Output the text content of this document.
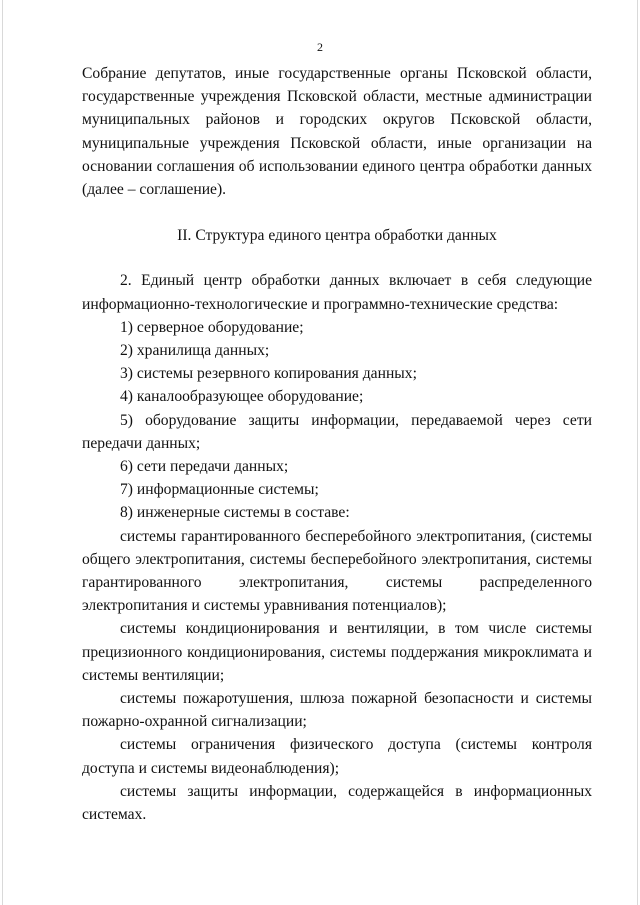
2

Собрание депутатов, иные государственные органы Псковской области, государственные учреждения Псковской области, местные администрации муниципальных районов и городских округов Псковской области, муниципальные учреждения Псковской области, иные организации на основании соглашения об использовании единого центра обработки данных (далее – соглашение).

II. Структура единого центра обработки данных

2. Единый центр обработки данных включает в себя следующие информационно-технологические и программно-технические средства:

1) серверное оборудование;

2) хранилища данных;

3) системы резервного копирования данных;

4) каналообразующее оборудование;

5) оборудование защиты информации, передаваемой через сети передачи данных;

6) сети передачи данных;

7) информационные системы;

8) инженерные системы в составе:

системы гарантированного бесперебойного электропитания, (системы общего электропитания, системы бесперебойного электропитания, системы гарантированного электропитания, системы распределенного электропитания и системы уравнивания потенциалов);

системы кондиционирования и вентиляции, в том числе системы прецизионного кондиционирования, системы поддержания микроклимата и системы вентиляции;

системы пожаротушения, шлюза пожарной безопасности и системы пожарно-охранной сигнализации;

системы ограничения физического доступа (системы контроля доступа и системы видеонаблюдения);

системы защиты информации, содержащейся в информационных системах.
